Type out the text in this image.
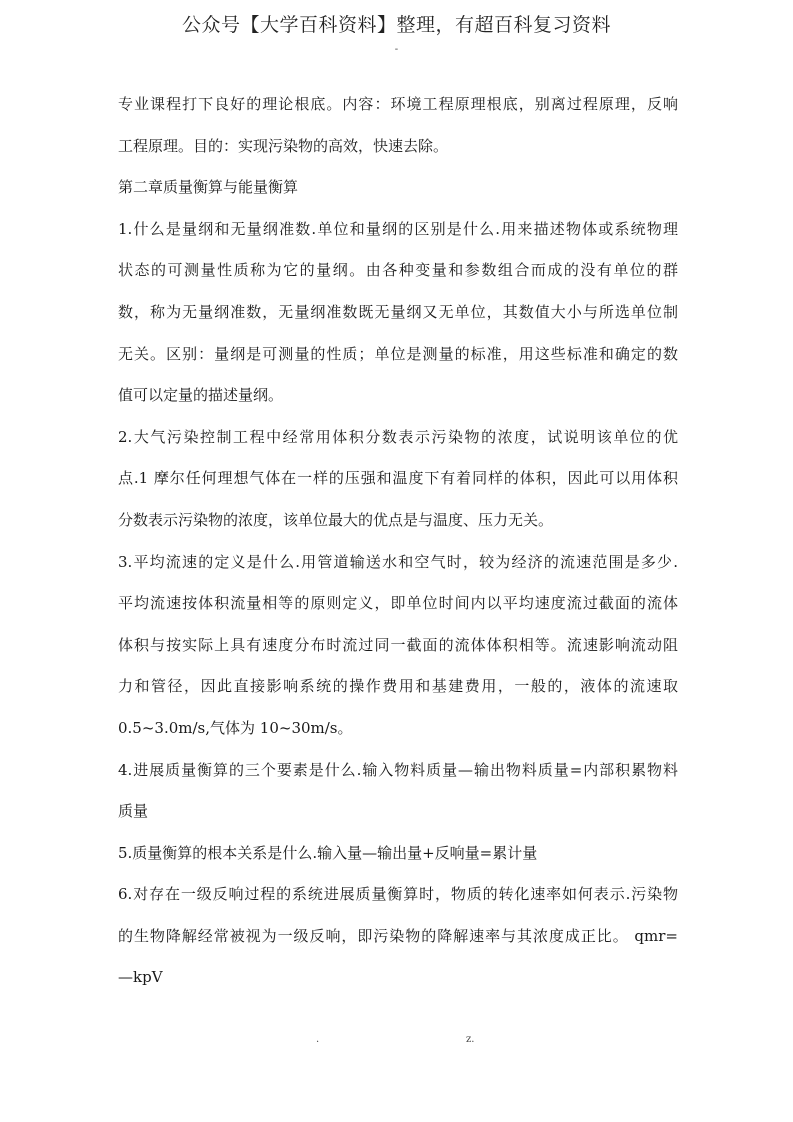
公众号【大学百科资料】整理，有超百科复习资料
-
专业课程打下良好的理论根底。内容：环境工程原理根底，别离过程原理，反响
工程原理。目的：实现污染物的高效，快速去除。
第二章质量衡算与能量衡算
1.什么是量纲和无量纲准数.单位和量纲的区别是什么.用来描述物体或系统物理
状态的可测量性质称为它的量纲。由各种变量和参数组合而成的没有单位的群
数，称为无量纲准数，无量纲准数既无量纲又无单位，其数值大小与所选单位制
无关。区别：量纲是可测量的性质；单位是测量的标准，用这些标准和确定的数
值可以定量的描述量纲。
2.大气污染控制工程中经常用体积分数表示污染物的浓度，试说明该单位的优
点.1 摩尔任何理想气体在一样的压强和温度下有着同样的体积，因此可以用体积
分数表示污染物的浓度，该单位最大的优点是与温度、压力无关。
3.平均流速的定义是什么.用管道输送水和空气时，较为经济的流速范围是多少.
平均流速按体积流量相等的原则定义，即单位时间内以平均速度流过截面的流体
体积与按实际上具有速度分布时流过同一截面的流体体积相等。流速影响流动阻
力和管径，因此直接影响系统的操作费用和基建费用，一般的，液体的流速取
0.5~3.0m/s,气体为 10~30m/s。
4.进展质量衡算的三个要素是什么.输入物料质量—输出物料质量=内部积累物料
质量
5.质量衡算的根本关系是什么.输入量—输出量+反响量=累计量
6.对存在一级反响过程的系统进展质量衡算时，物质的转化速率如何表示.污染物
的生物降解经常被视为一级反响，即污染物的降解速率与其浓度成正比。 qmr=
—kpV
.	z.
